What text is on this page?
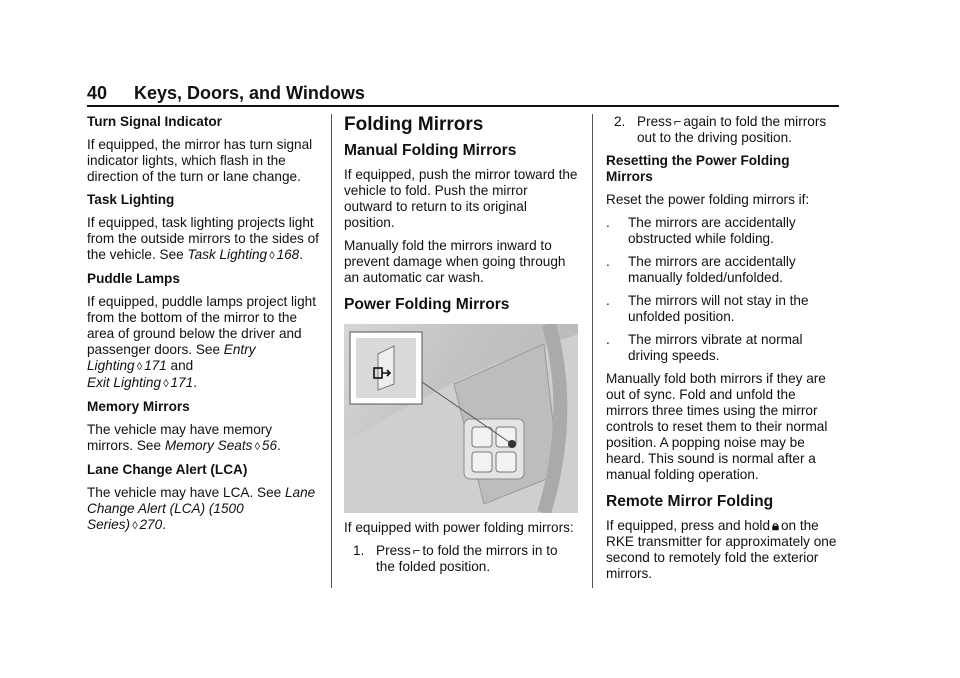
40 Keys, Doors, and Windows

Turn Signal Indicator

If equipped, the mirror has turn signal indicator lights, which flash in the direction of the turn or lane change.

Task Lighting

If equipped, task lighting projects light from the outside mirrors to the sides of the vehicle. See Task Lighting ◊ 168.

Puddle Lamps

If equipped, puddle lamps project light from the bottom of the mirror to the area of ground below the driver and passenger doors. See Entry Lighting ◊ 171 and
Exit Lighting ◊ 171.

Memory Mirrors

The vehicle may have memory mirrors. See Memory Seats ◊ 56.

Lane Change Alert (LCA)

The vehicle may have LCA. See Lane Change Alert (LCA) (1500 Series) ◊ 270.

Folding Mirrors

Manual Folding Mirrors

If equipped, push the mirror toward the vehicle to fold. Push the mirror outward to return to its original position.

Manually fold the mirrors inward to prevent damage when going through an automatic car wash.

Power Folding Mirrors

If equipped with power folding mirrors:

1. Press ⌐ to fold the mirrors in to the folded position.
2. Press ⌐ again to fold the mirrors out to the driving position.

Resetting the Power Folding Mirrors

Reset the power folding mirrors if:

.	The mirrors are accidentally obstructed while folding.
.	The mirrors are accidentally manually folded/unfolded.
.	The mirrors will not stay in the unfolded position.
.	The mirrors vibrate at normal driving speeds.

Manually fold both mirrors if they are out of sync. Fold and unfold the mirrors three times using the mirror controls to reset them to their normal position. A popping noise may be heard. This sound is normal after a manual folding operation.

Remote Mirror Folding

If equipped, press and hold 🔒︎ on the RKE transmitter for approximately one second to remotely fold the exterior mirrors.
